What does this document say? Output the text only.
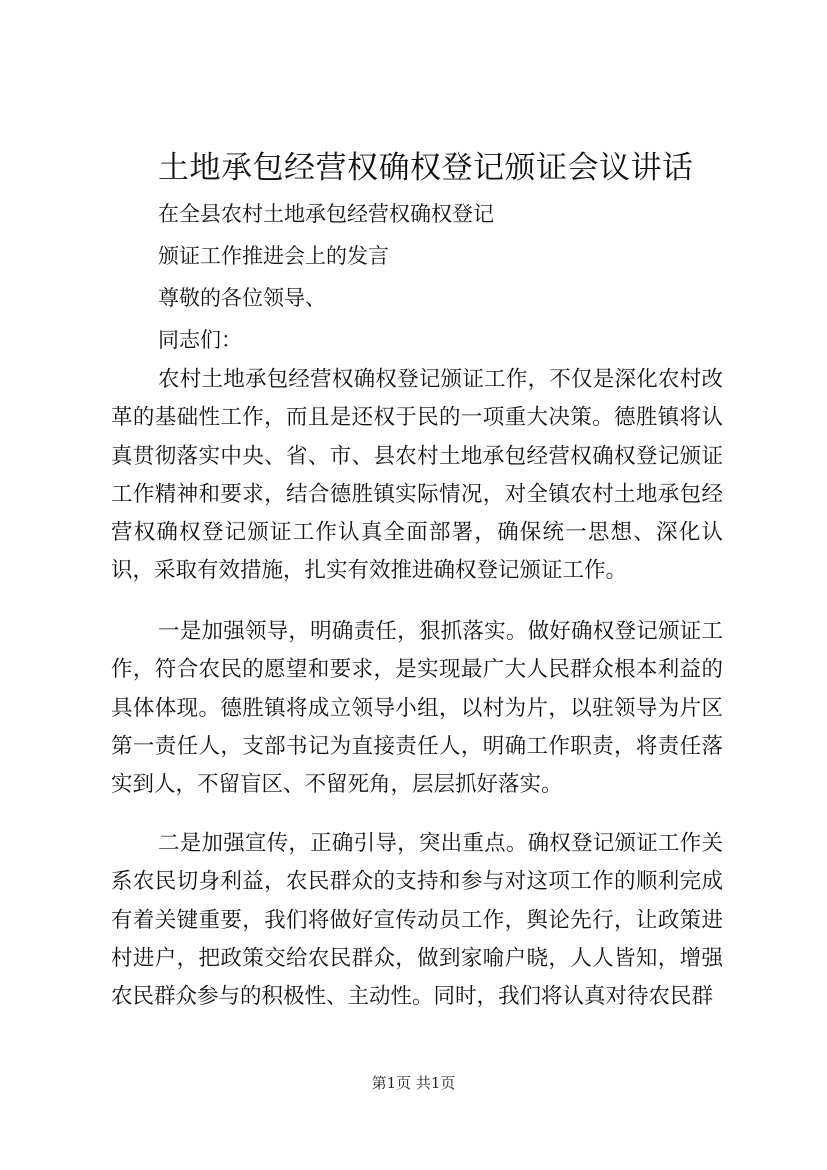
土地承包经营权确权登记颁证会议讲话

在全县农村土地承包经营权确权登记

颁证工作推进会上的发言

尊敬的各位领导、

同志们：

农村土地承包经营权确权登记颁证工作，不仅是深化农村改革的基础性工作，而且是还权于民的一项重大决策。德胜镇将认真贯彻落实中央、省、市、县农村土地承包经营权确权登记颁证工作精神和要求，结合德胜镇实际情况，对全镇农村土地承包经营权确权登记颁证工作认真全面部署，确保统一思想、深化认识，采取有效措施，扎实有效推进确权登记颁证工作。

一是加强领导，明确责任，狠抓落实。做好确权登记颁证工作，符合农民的愿望和要求，是实现最广大人民群众根本利益的具体体现。德胜镇将成立领导小组，以村为片，以驻领导为片区第一责任人，支部书记为直接责任人，明确工作职责，将责任落实到人，不留盲区、不留死角，层层抓好落实。

二是加强宣传，正确引导，突出重点。确权登记颁证工作关系农民切身利益，农民群众的支持和参与对这项工作的顺利完成有着关键重要，我们将做好宣传动员工作，舆论先行，让政策进村进户，把政策交给农民群众，做到家喻户晓，人人皆知，增强农民群众参与的积极性、主动性。同时，我们将认真对待农民群

第1页 共1页
